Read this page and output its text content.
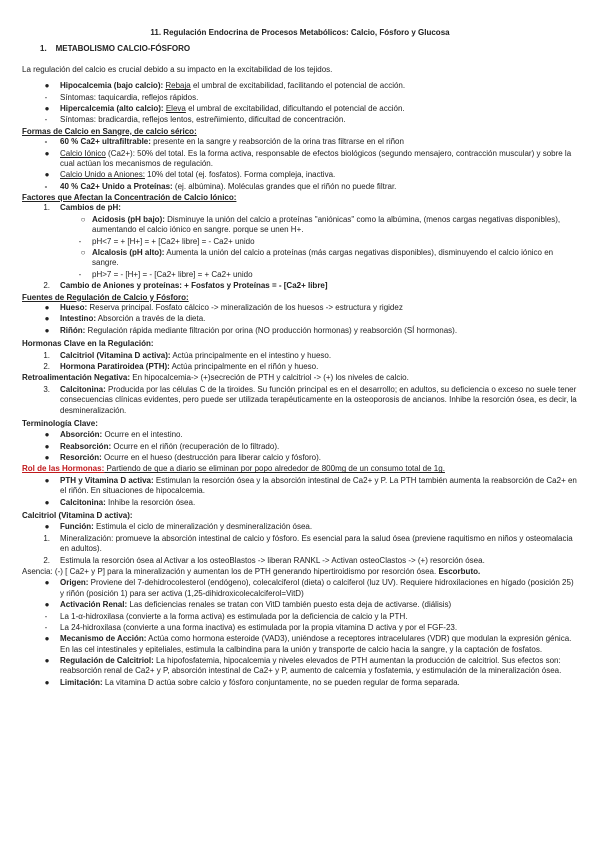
11. Regulación Endocrina de Procesos Metabólicos: Calcio, Fósforo y Glucosa

1. METABOLISMO CALCIO-FÓSFORO

La regulación del calcio es crucial debido a su impacto en la excitabilidad de los tejidos.

●	Hipocalcemia (bajo calcio): Rebaja el umbral de excitabilidad, facilitando el potencial de acción.
-	Síntomas: taquicardia, reflejos rápidos.
●	Hipercalcemia (alto calcio): Eleva el umbral de excitabilidad, dificultando el potencial de acción.
-	Síntomas: bradicardia, reflejos lentos, estreñimiento, dificultad de concentración.

Formas de Calcio en Sangre, de calcio sérico:

-	60 % Ca2+ ultrafiltrable: presente en la sangre y reabsorción de la orina tras filtrarse en el riñon
●	Calcio Iónico (Ca2+): 50% del total. Es la forma activa, responsable de efectos biológicos (segundo mensajero, contracción muscular) y sobre la cual actúan los mecanismos de regulación.
●	Calcio Unido a Aniones: 10% del total (ej. fosfatos). Forma compleja, inactiva.
-	40 % Ca2+ Unido a Proteínas: (ej. albúmina). Moléculas grandes que el riñón no puede filtrar.

Factores que Afectan la Concentración de Calcio Iónico:

1.	Cambios de pH:
○ Acidosis (pH bajo): Disminuye la unión del calcio a proteínas "aniónicas" como la albúmina, (menos cargas negativas disponibles), aumentando el calcio iónico en sangre. porque se unen H+.
-	pH<7 = + [H+] = + [Ca2+ libre] = - Ca2+ unido
○ Alcalosis (pH alto): Aumenta la unión del calcio a proteínas (más cargas negativas disponibles), disminuyendo el calcio iónico en sangre.
-	pH>7 = - [H+] = - [Ca2+ libre] = + Ca2+ unido
2.	Cambio de Aniones y proteínas: + Fosfatos y Proteínas = - [Ca2+ libre]

Fuentes de Regulación de Calcio y Fósforo:

●	Hueso: Reserva principal. Fosfato cálcico -> mineralización de los huesos -> estructura y rigidez
●	Intestino: Absorción a través de la dieta.
●	Riñón: Regulación rápida mediante filtración por orina (NO producción hormonas) y reabsorción (SÍ hormonas).

Hormonas Clave en la Regulación:

1.	Calcitriol (Vitamina D activa): Actúa principalmente en el intestino y hueso.
2.	Hormona Paratiroidea (PTH): Actúa principalmente en el riñón y hueso.

Retroalimentación Negativa: En hipocalcemia-> (+)secreción de PTH y calcitriol -> (+) los niveles de calcio.

3.	Calcitonina: Producida por las células C de la tiroides. Su función principal es en el desarrollo; en adultos, su deficiencia o exceso no suele tener consecuencias clínicas evidentes, pero puede ser utilizada terapéuticamente en la osteoporosis de ancianos. Inhibe la resorción ósea, es decir, la desmineralización.

Terminología Clave:

●	Absorción: Ocurre en el intestino.
●	Reabsorción: Ocurre en el riñón (recuperación de lo filtrado).
●	Resorción: Ocurre en el hueso (destrucción para liberar calcio y fósforo).

Rol de las Hormonas: Partiendo de que a diario se eliminan por popo alrededor de 800mg de un consumo total de 1g.

●	PTH y Vitamina D activa: Estimulan la resorción ósea y la absorción intestinal de Ca2+ y P. La PTH también aumenta la reabsorción de Ca2+ en el riñón. En situaciones de hipocalcemia.
●	Calcitonina: Inhibe la resorción ósea.

Calcitriol (Vitamina D activa):

●	Función: Estimula el ciclo de mineralización y desmineralización ósea.
1.	Mineralización: promueve la absorción intestinal de calcio y fósforo. Es esencial para la salud ósea (previene raquitismo en niños y osteomalacia en adultos).
2.	Estimula la resorción ósea al Activar a los osteoBlastos -> liberan RANKL -> Activan osteoClastos -> (+) resorción ósea.

Asencia: (-) [ Ca2+ y P] para la mineralización y aumentan los de PTH generando hipertiroidismo por resorción ósea. Escorbuto.

●	Origen: Proviene del 7-dehidrocolesterol (endógeno), colecalciferol (dieta) o calciferol (luz UV). Requiere hidroxilaciones en hígado (posición 25) y riñón (posición 1) para ser activa (1,25-dihidroxicolecalciferol=VitD)
●	Activación Renal: Las deficiencias renales se tratan con VitD también puesto esta deja de activarse. (diálisis)
-	La 1-α-hidroxilasa (convierte a la forma activa) es estimulada por la deficiencia de calcio y la PTH.
-	La 24-hidroxilasa (convierte a una forma inactiva) es estimulada por la propia vitamina D activa y por el FGF-23.
●	Mecanismo de Acción: Actúa como hormona esteroide (VAD3), uniéndose a receptores intracelulares (VDR) que modulan la expresión génica. En las cel intestinales y epiteliales, estimula la calbindina para la unión y transporte de calcio hacia la sangre, y la captación de fosfatos.
●	Regulación de Calcitriol: La hipofosfatemia, hipocalcemia y niveles elevados de PTH aumentan la producción de calcitriol. Sus efectos son: reabsorción renal de Ca2+ y P, absorción intestinal de Ca2+ y P, aumento de calcemia y fosfatemia, y estimulación de la mineralización ósea.
●	Limitación: La vitamina D actúa sobre calcio y fósforo conjuntamente, no se pueden regular de forma separada.
